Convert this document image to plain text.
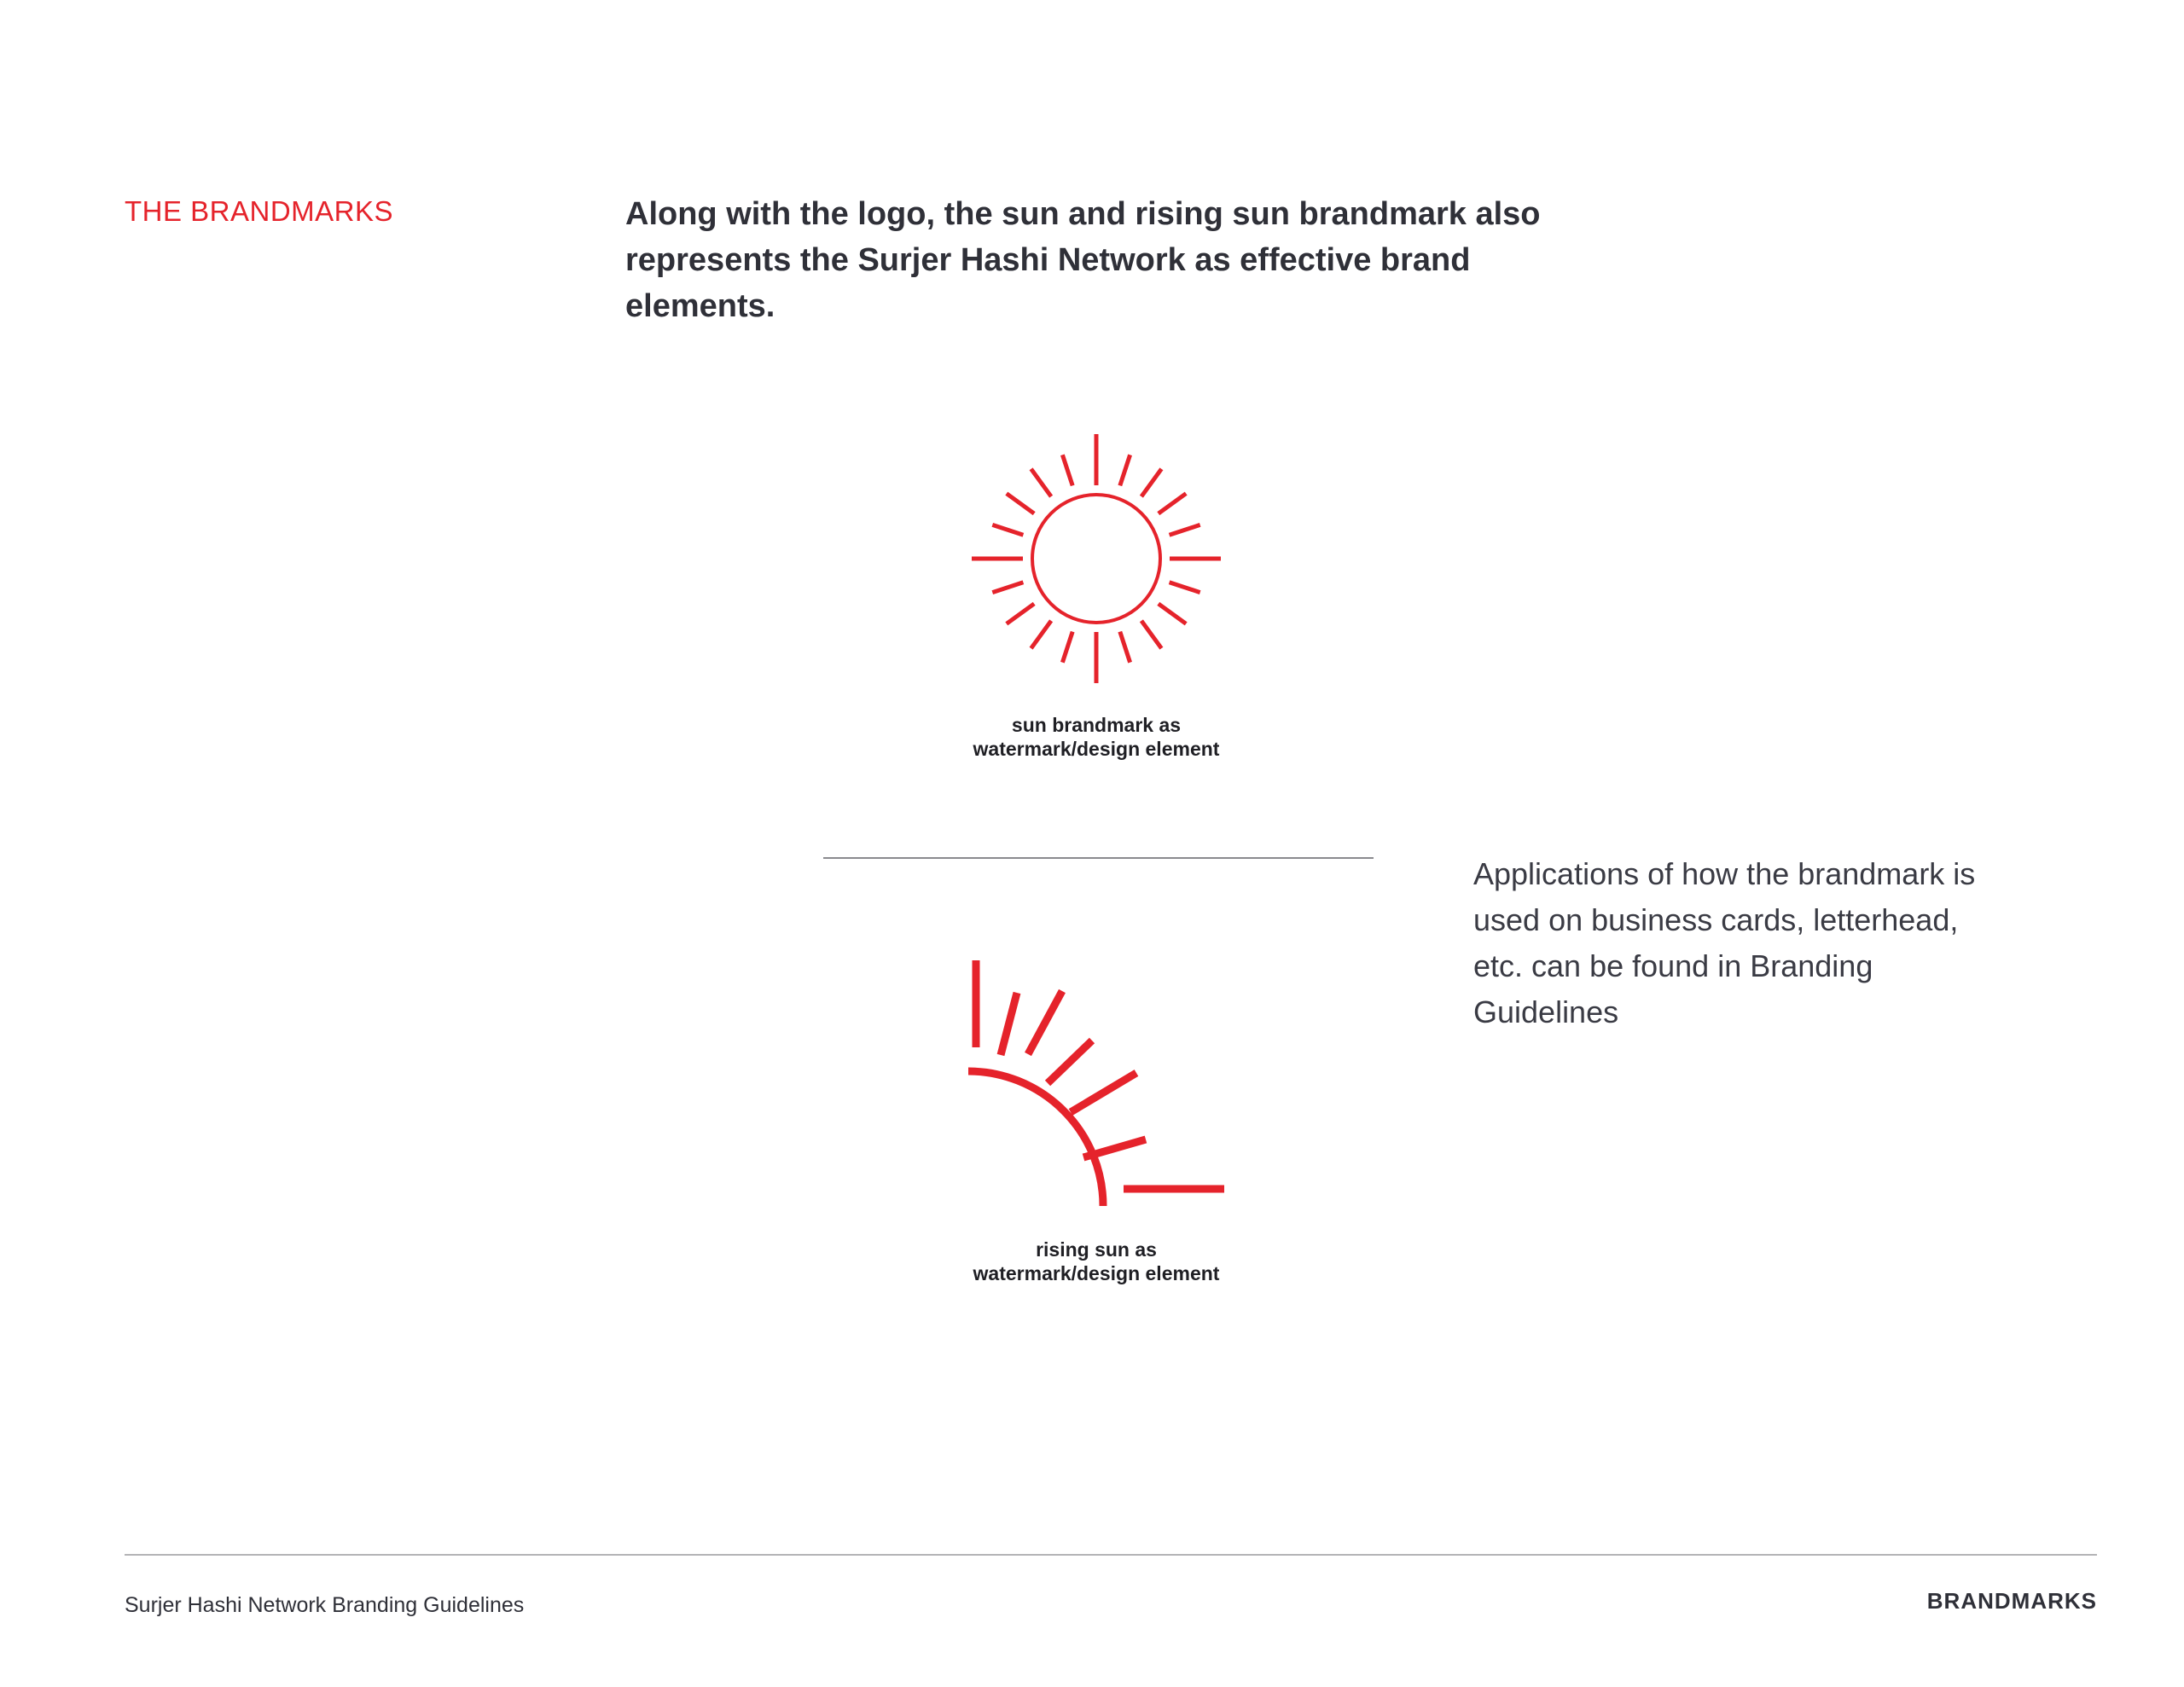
THE BRANDMARKS	Along with the logo, the sun and rising sun brandmark also represents the Surjer Hashi Network as effective brand elements.
sun brandmark as
watermark/design element
rising sun as
watermark/design element
Applications of how the brandmark is used on business cards, letterhead, etc. can be found in Branding Guidelines
Surjer Hashi Network Branding Guidelines	BRANDMARKS
